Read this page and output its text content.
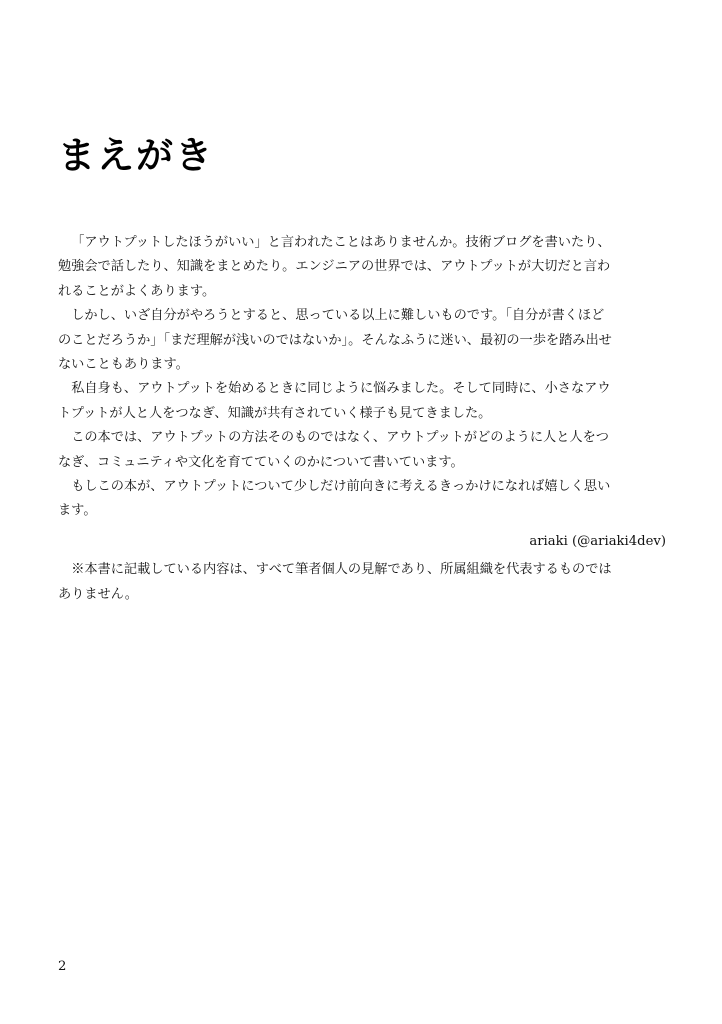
まえがき

「アウトプットしたほうがいい」と言われたことはありませんか。技術ブログを書いたり、
勉強会で話したり、知識をまとめたり。エンジニアの世界では、アウトプットが大切だと言わ
れることがよくあります。

しかし、いざ自分がやろうとすると、思っている以上に難しいものです。「自分が書くほど
のことだろうか」「まだ理解が浅いのではないか」。そんなふうに迷い、最初の一歩を踏み出せ
ないこともあります。

私自身も、アウトプットを始めるときに同じように悩みました。そして同時に、小さなアウ
トプットが人と人をつなぎ、知識が共有されていく様子も見てきました。

この本では、アウトプットの方法そのものではなく、アウトプットがどのように人と人をつ
なぎ、コミュニティや文化を育てていくのかについて書いています。

もしこの本が、アウトプットについて少しだけ前向きに考えるきっかけになれば嬉しく思い
ます。

ariaki (@ariaki4dev)

※本書に記載している内容は、すべて筆者個人の見解であり、所属組織を代表するものでは
ありません。

2
